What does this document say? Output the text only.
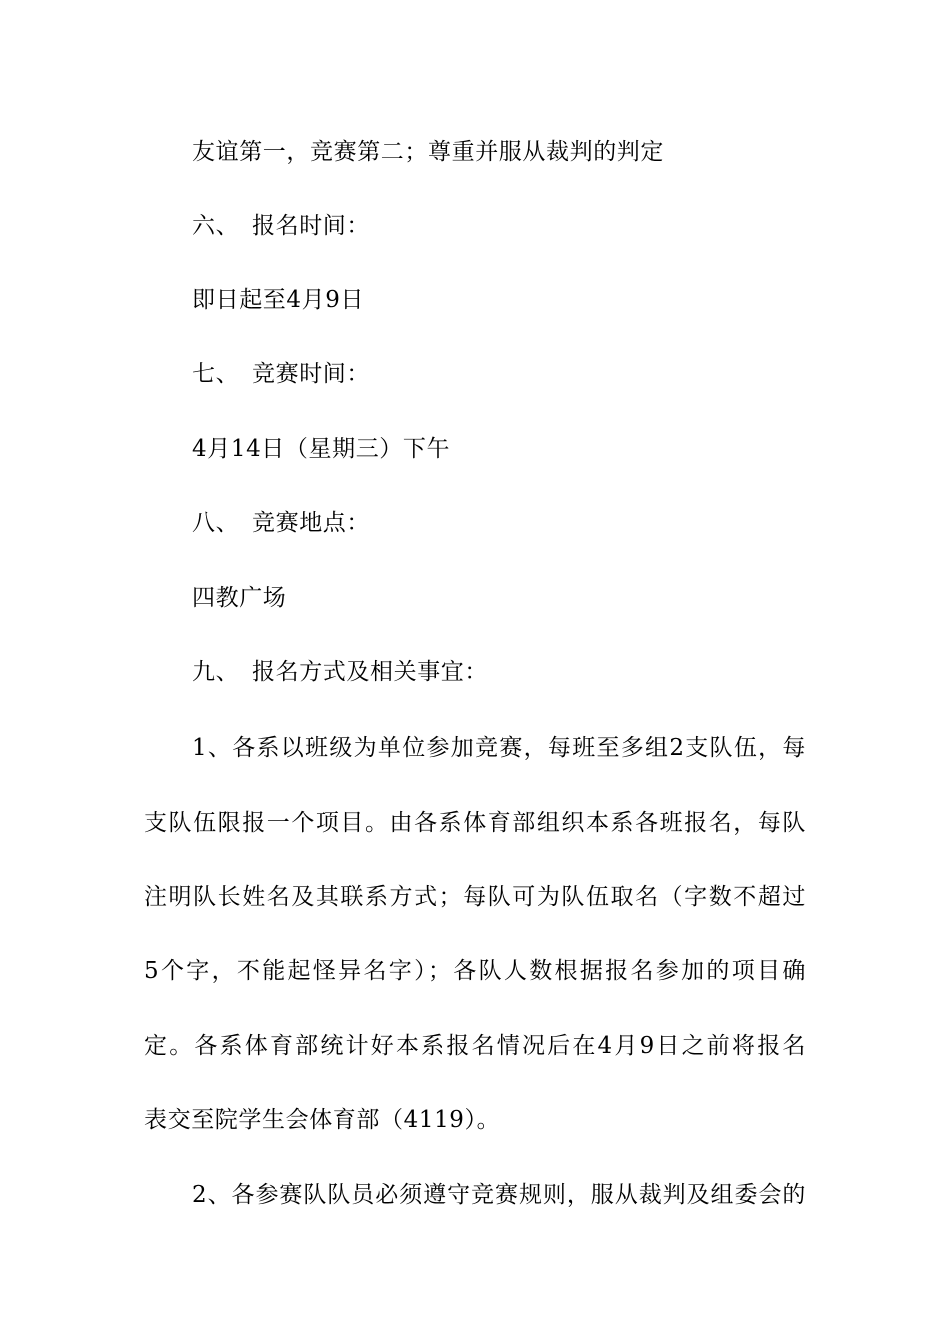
友谊第一，竞赛第二；尊重并服从裁判的判定

六、 报名时间：

即日起至4月9日

七、 竞赛时间：

4月14日（星期三）下午

八、 竞赛地点：

四教广场

九、 报名方式及相关事宜：

1、各系以班级为单位参加竞赛，每班至多组2支队伍，每

支队伍限报一个项目。由各系体育部组织本系各班报名，每队

注明队长姓名及其联系方式；每队可为队伍取名（字数不超过

5个字，不能起怪异名字）；各队人数根据报名参加的项目确

定。各系体育部统计好本系报名情况后在4月9日之前将报名

表交至院学生会体育部（4119）。

2、各参赛队队员必须遵守竞赛规则，服从裁判及组委会的
